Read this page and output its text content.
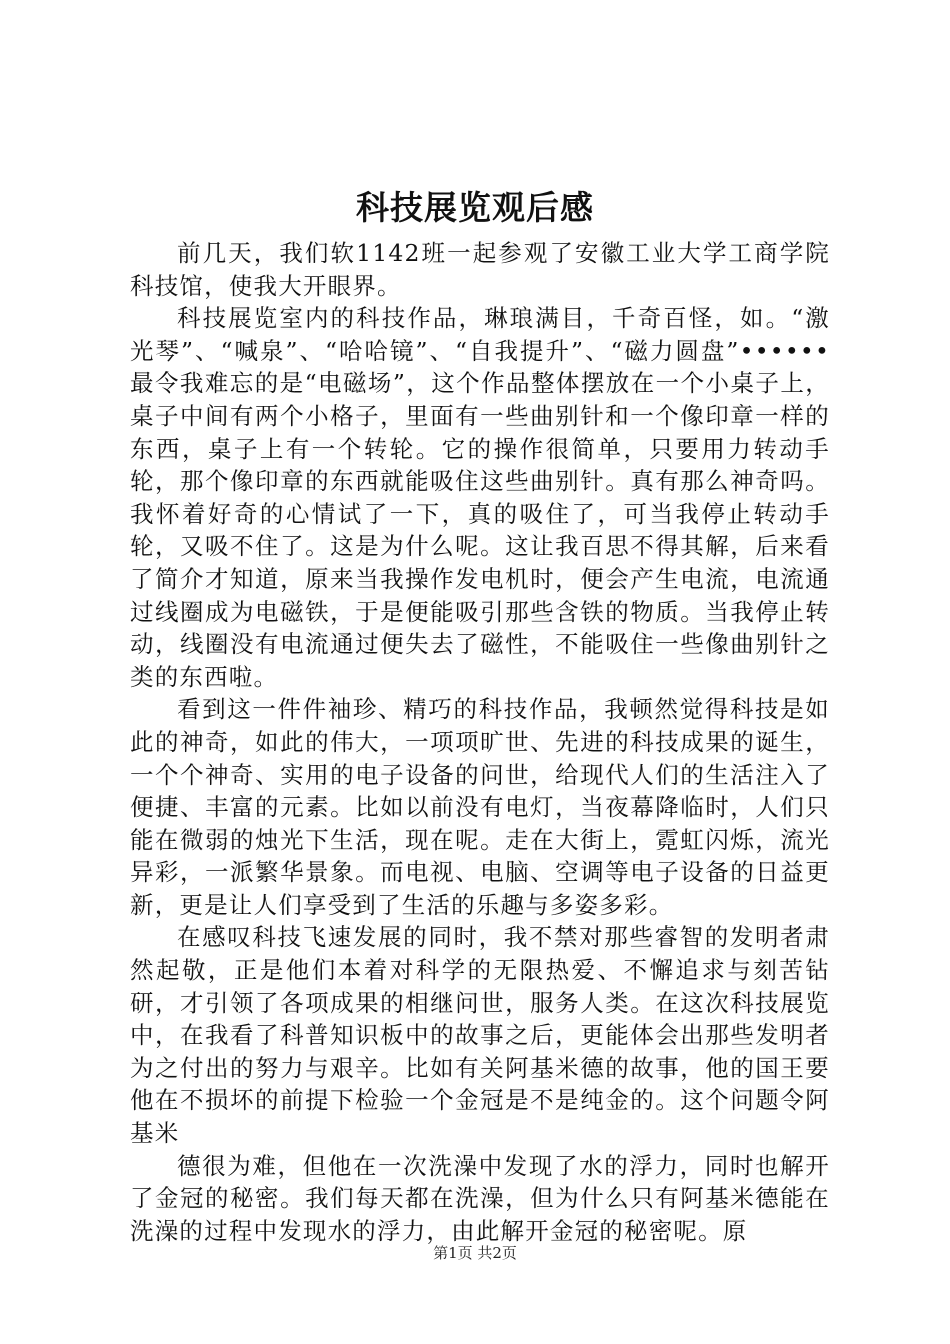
科技展览观后感

前几天，我们软1142班一起参观了安徽工业大学工商学院科技馆，使我大开眼界。

科技展览室内的科技作品，琳琅满目，千奇百怪，如。“激光琴”、“喊泉”、“哈哈镜”、“自我提升”、“磁力圆盘”••••••最令我难忘的是“电磁场”，这个作品整体摆放在一个小桌子上，桌子中间有两个小格子，里面有一些曲别针和一个像印章一样的东西，桌子上有一个转轮。它的操作很简单，只要用力转动手轮，那个像印章的东西就能吸住这些曲别针。真有那么神奇吗。我怀着好奇的心情试了一下，真的吸住了，可当我停止转动手轮，又吸不住了。这是为什么呢。这让我百思不得其解，后来看了简介才知道，原来当我操作发电机时，便会产生电流，电流通过线圈成为电磁铁，于是便能吸引那些含铁的物质。当我停止转动，线圈没有电流通过便失去了磁性，不能吸住一些像曲别针之类的东西啦。

看到这一件件袖珍、精巧的科技作品，我顿然觉得科技是如此的神奇，如此的伟大，一项项旷世、先进的科技成果的诞生，一个个神奇、实用的电子设备的问世，给现代人们的生活注入了便捷、丰富的元素。比如以前没有电灯，当夜幕降临时，人们只能在微弱的烛光下生活，现在呢。走在大街上，霓虹闪烁，流光异彩，一派繁华景象。而电视、电脑、空调等电子设备的日益更新，更是让人们享受到了生活的乐趣与多姿多彩。

在感叹科技飞速发展的同时，我不禁对那些睿智的发明者肃然起敬，正是他们本着对科学的无限热爱、不懈追求与刻苦钻研，才引领了各项成果的相继问世，服务人类。在这次科技展览中，在我看了科普知识板中的故事之后，更能体会出那些发明者为之付出的努力与艰辛。比如有关阿基米德的故事，他的国王要他在不损坏的前提下检验一个金冠是不是纯金的。这个问题令阿基米

德很为难，但他在一次洗澡中发现了水的浮力，同时也解开了金冠的秘密。我们每天都在洗澡，但为什么只有阿基米德能在洗澡的过程中发现水的浮力，由此解开金冠的秘密呢。原

第1页 共2页
